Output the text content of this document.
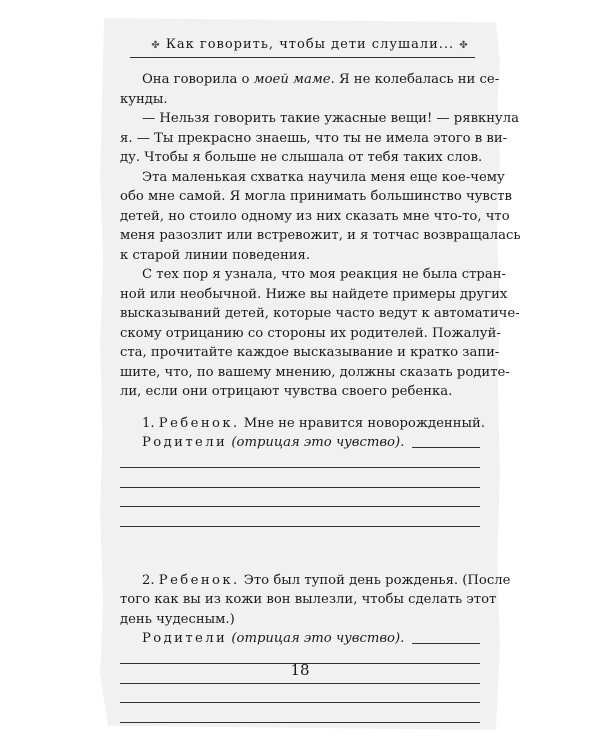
✤ Как говорить, чтобы дети слушали... ✤
Она говорила о моей маме. Я не колебалась ни се-
кунды.
— Нельзя говорить такие ужасные вещи! — рявкнула
я. — Ты прекрасно знаешь, что ты не имела этого в ви-
ду. Чтобы я больше не слышала от тебя таких слов.
Эта маленькая схватка научила меня еще кое-чему
обо мне самой. Я могла принимать большинство чувств
детей, но стоило одному из них сказать мне что-то, что
меня разозлит или встревожит, и я тотчас возвращалась
к старой линии поведения.
С тех пор я узнала, что моя реакция не была стран-
ной или необычной. Ниже вы найдете примеры других
высказываний детей, которые часто ведут к автоматиче-
скому отрицанию со стороны их родителей. Пожалуй-
ста, прочитайте каждое высказывание и кратко запи-
шите, что, по вашему мнению, должны сказать родите-
ли, если они отрицают чувства своего ребенка.
1. Ребенок. Мне не нравится новорожденный.
Родители
(отрицая это чувство).
2. Ребенок. Это был тупой день рожденья. (После
того как вы из кожи вон вылезли, чтобы сделать этот
день чудесным.)
Родители
(отрицая это чувство).
18
